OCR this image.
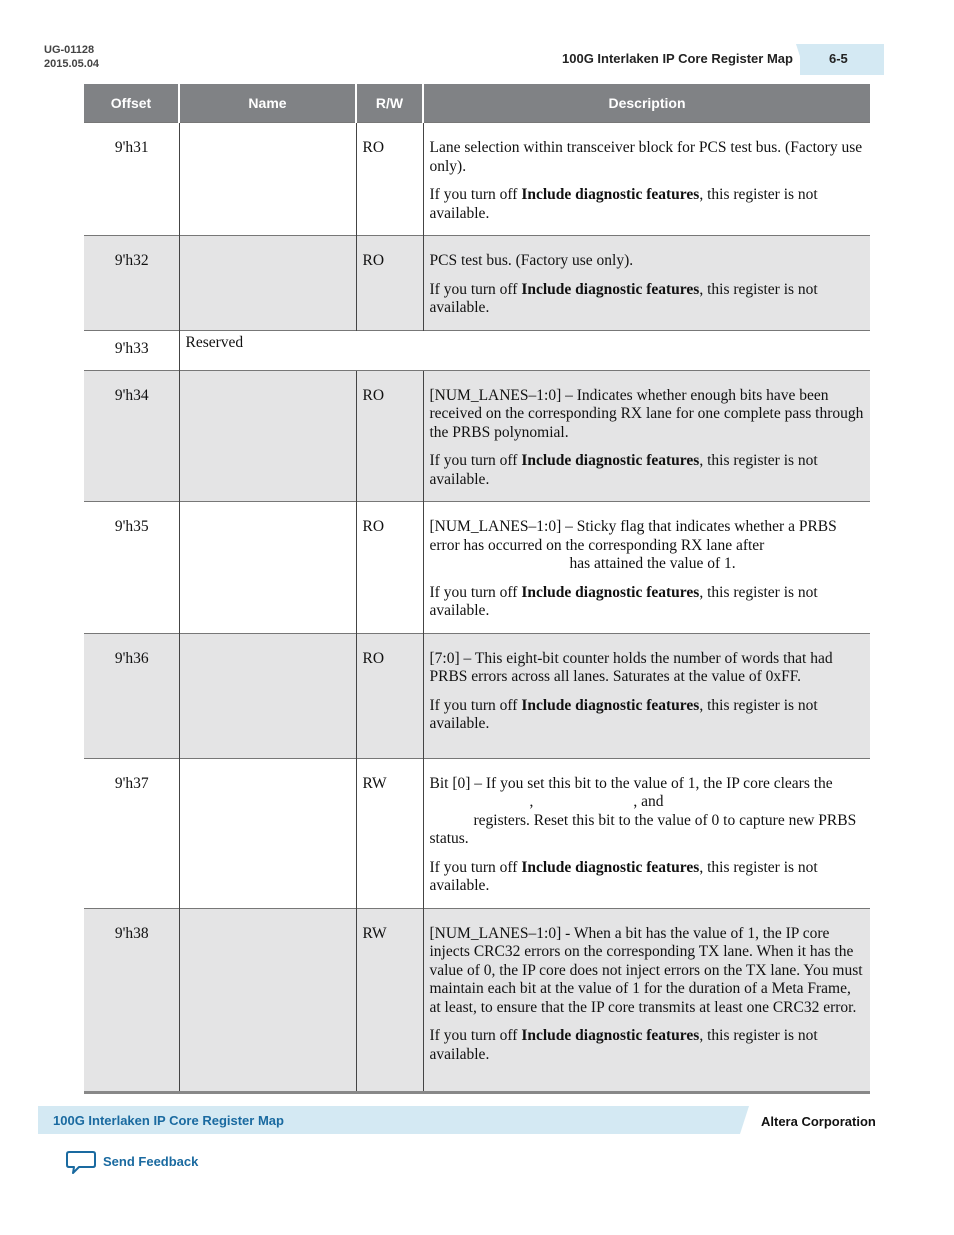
UG-01128
2015.05.04	100G Interlaken IP Core Register Map	6-5
Offset	Name	R/W	Description
9'h31		RO	Lane selection within transceiver block for PCS test bus. (Factory use only).

If you turn off Include diagnostic features, this register is not available.

9'h32		RO	PCS test bus. (Factory use only).

If you turn off Include diagnostic features, this register is not available.

9'h33	Reserved		
9'h34		RO	[NUM_LANES–1:0] – Indicates whether enough bits have been received on the corresponding RX lane for one complete pass through the PRBS polynomial.

If you turn off Include diagnostic features, this register is not available.

9'h35		RO	[NUM_LANES–1:0] – Sticky flag that indicates whether a PRBS error has occurred on the corresponding RX lane afterhas attained the value of 1.

If you turn off Include diagnostic features, this register is not available.

9'h36		RO	[7:0] – This eight-bit counter holds the number of words that had PRBS errors across all lanes. Saturates at the value of 0xFF.

If you turn off Include diagnostic features, this register is not available.

9'h37		RW	Bit [0] – If you set this bit to the value of 1, the IP core clears the, , and
registers. Reset this bit to the value of 0 to capture new PRBS status.

If you turn off Include diagnostic features, this register is not available.

9'h38		RW	[NUM_LANES–1:0] - When a bit has the value of 1, the IP core injects CRC32 errors on the corresponding TX lane. When it has the value of 0, the IP core does not inject errors on the TX lane. You must maintain each bit at the value of 1 for the duration of a Meta Frame, at least, to ensure that the IP core transmits at least one CRC32 error.

If you turn off Include diagnostic features, this register is not available.

100G Interlaken IP Core Register Map	Altera Corporation
Send Feedback
